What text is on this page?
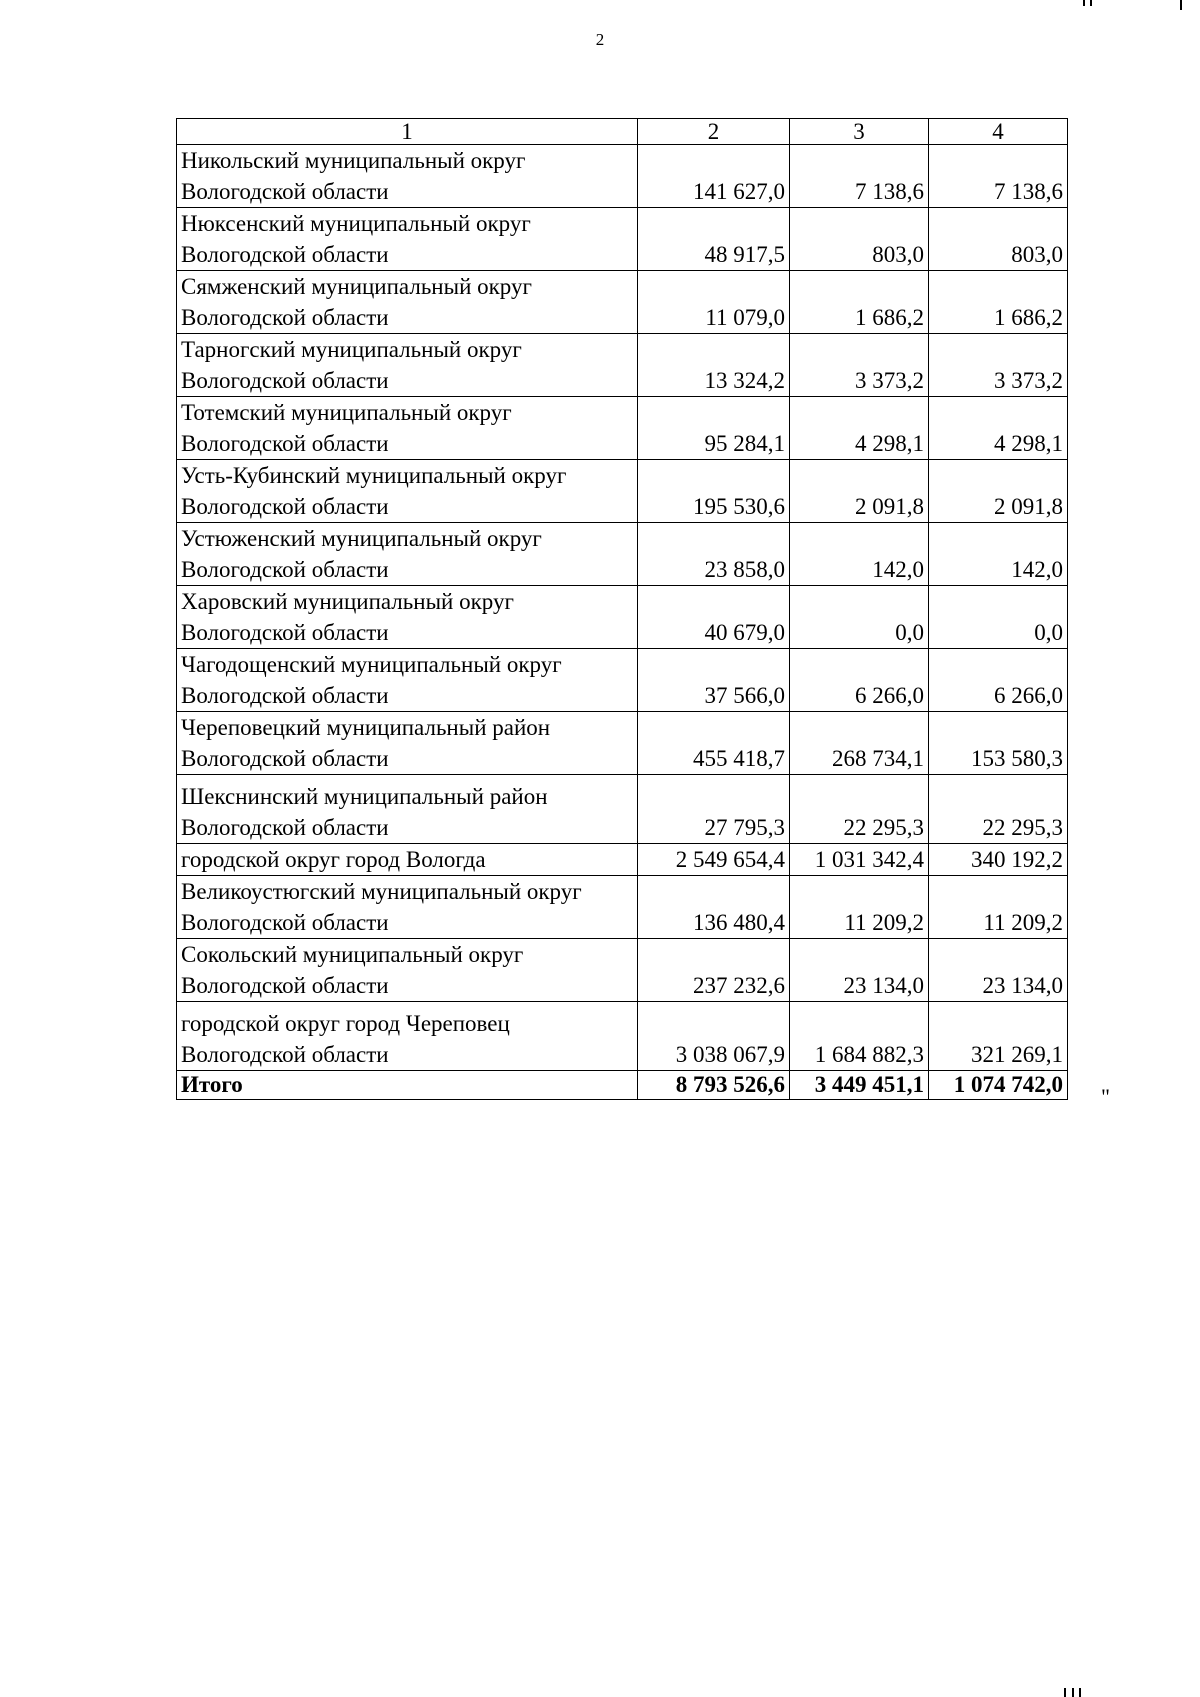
2
1	2	3	4

Никольский муниципальный округ
Вологодской области	141 627,0	7 138,6	7 138,6

Нюксенский муниципальный округ
Вологодской области	48 917,5	803,0	803,0

Сямженский муниципальный округ
Вологодской области	11 079,0	1 686,2	1 686,2

Тарногский муниципальный округ
Вологодской области	13 324,2	3 373,2	3 373,2

Тотемский муниципальный округ
Вологодской области	95 284,1	4 298,1	4 298,1

Усть-Кубинский муниципальный округ
Вологодской области	195 530,6	2 091,8	2 091,8

Устюженский муниципальный округ
Вологодской области	23 858,0	142,0	142,0

Харовский муниципальный округ
Вологодской области	40 679,0	0,0	0,0

Чагодощенский муниципальный округ
Вологодской области	37 566,0	6 266,0	6 266,0

Череповецкий муниципальный район
Вологодской области	455 418,7	268 734,1	153 580,3

Шекснинский муниципальный район
Вологодской области	27 795,3	22 295,3	22 295,3
городской округ город Вологда	2 549 654,4	1 031 342,4	340 192,2

Великоустюгский муниципальный округ
Вологодской области	136 480,4	11 209,2	11 209,2

Сокольский муниципальный округ
Вологодской области	237 232,6	23 134,0	23 134,0

городской округ город Череповец
Вологодской области	3 038 067,9	1 684 882,3	321 269,1
Итого	8 793 526,6	3 449 451,1	1 074 742,0 "
